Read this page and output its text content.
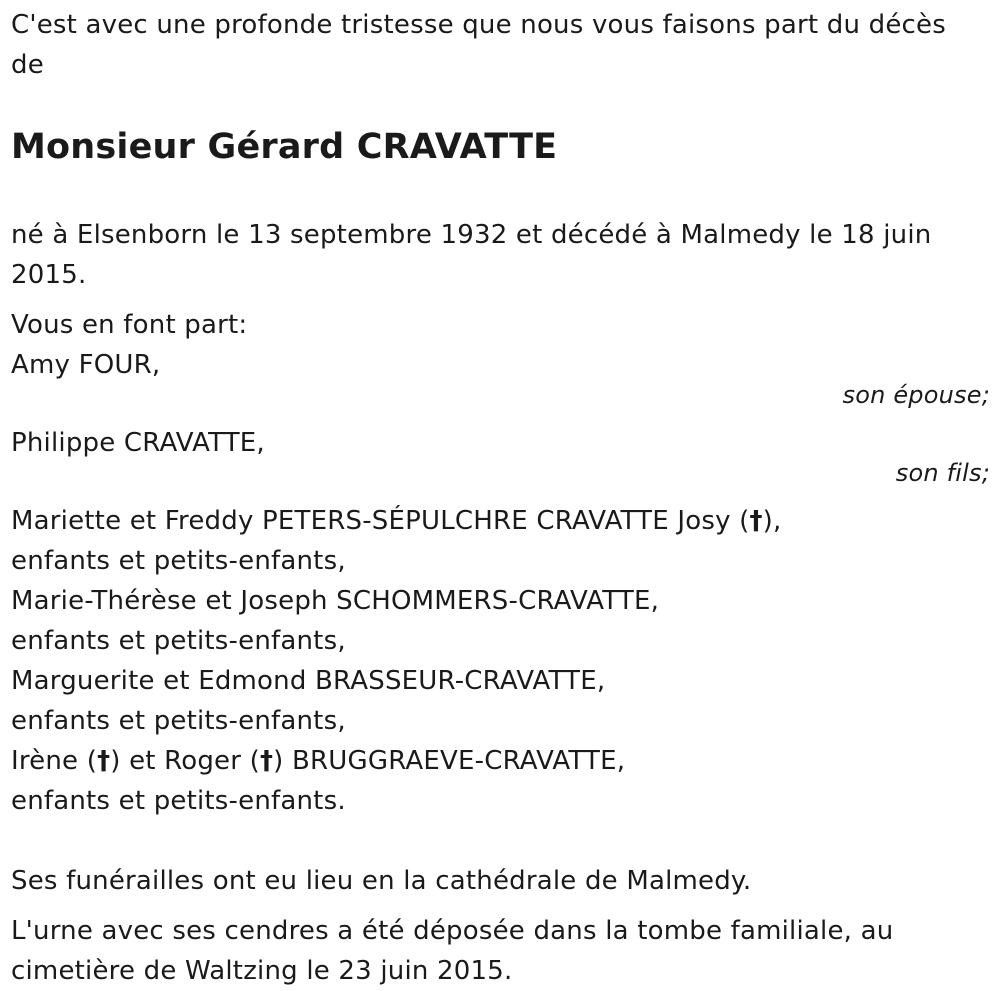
C'est avec une profonde tristesse que nous vous faisons part du décès de

Monsieur Gérard CRAVATTE

né à Elsenborn le 13 septembre 1932 et décédé à Malmedy le 18 juin 2015.

Vous en font part:
Amy FOUR,
son épouse;
Philippe CRAVATTE,
son fils;
Mariette et Freddy PETERS-SÉPULCHRE CRAVATTE Josy (†),
enfants et petits-enfants,
Marie-Thérèse et Joseph SCHOMMERS-CRAVATTE,
enfants et petits-enfants,
Marguerite et Edmond BRASSEUR-CRAVATTE,
enfants et petits-enfants,
Irène (†) et Roger (†) BRUGGRAEVE-CRAVATTE,
enfants et petits-enfants.

Ses funérailles ont eu lieu en la cathédrale de Malmedy.

L'urne avec ses cendres a été déposée dans la tombe familiale, au cimetière de Waltzing le 23 juin 2015.
